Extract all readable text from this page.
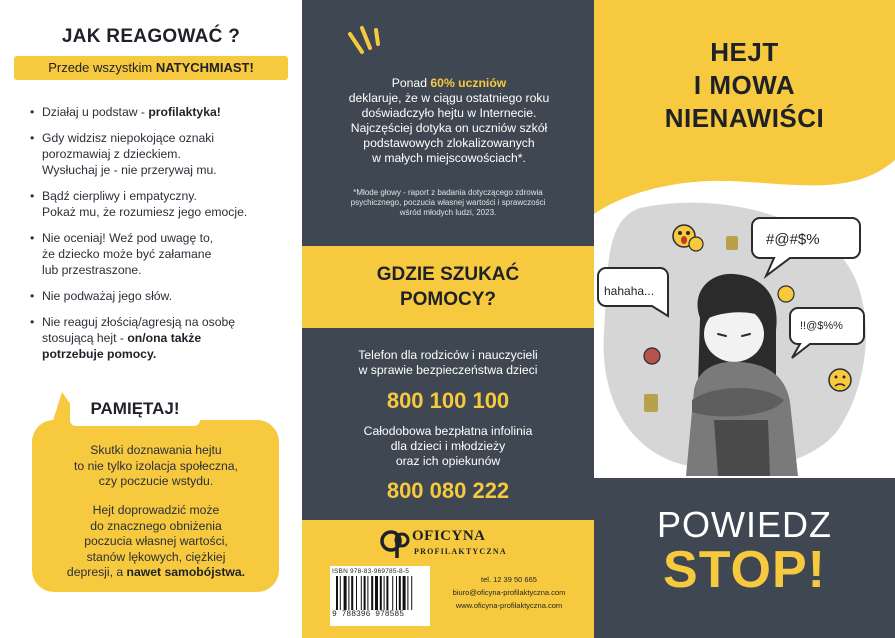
JAK REAGOWAĆ ?
Przede wszystkim NATYCHMIAST!
• Działaj u podstaw - profilaktyka!
• Gdy widzisz niepokojące oznaki
porozmawiaj z dzieckiem.
Wysłuchaj je - nie przerywaj mu.
• Bądź cierpliwy i empatyczny.
Pokaż mu, że rozumiesz jego emocje.
• Nie oceniaj! Weź pod uwagę to,
że dziecko może być załamane
lub przestraszone.
• Nie podważaj jego słów.
• Nie reaguj złością/agresją na osobę
stosującą hejt - on/ona także
potrzebuje pomocy.
PAMIĘTAJ!
Skutki doznawania hejtu
to nie tylko izolacja społeczna,
czy poczucie wstydu.
Hejt doprowadzić może
do znacznego obniżenia
poczucia własnej wartości,
stanów lękowych, ciężkiej
depresji, a nawet samobójstwa.
Ponad 60% uczniów
deklaruje, że w ciągu ostatniego roku
doświadczyło hejtu w Internecie.
Najczęściej dotyka on uczniów szkół
podstawowych zlokalizowanych
w małych miejscowościach*.
*Młode głowy - raport z badania dotyczącego zdrowia
psychicznego, poczucia własnej wartości i sprawczości
wśród młodych ludzi, 2023.
GDZIE SZUKAĆ
POMOCY?
Telefon dla rodziców i nauczycieli
w sprawie bezpieczeństwa dzieci
800 100 100
Całodobowa bezpłatna infolinia
dla dzieci i młodzieży
oraz ich opiekunów
800 080 222
OFICYNA
PROFILAKTYCZNA
ISBN 978-83-969785-8-5
9 788396 978585
tel. 12 39 50 665
biuro@oficyna-profilaktyczna.com
www.oficyna-profilaktyczna.com
#@#$%
hahaha...
!!@$%%
HEJT
I MOWA
NIENAWIŚCI
POWIEDZ
STOP!
